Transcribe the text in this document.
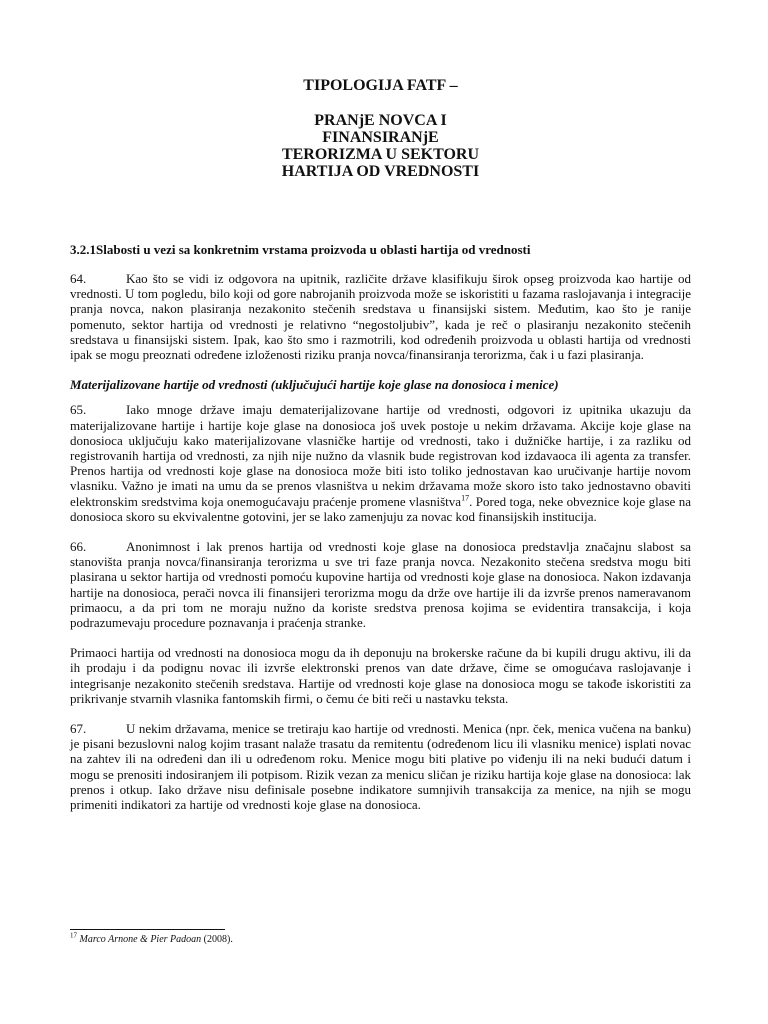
TIPOLOGIJA FATF –

PRANjE NOVCA I

FINANSIRANjE

TERORIZMA U SEKTORU

HARTIJA OD VREDNOSTI

3.2.1Slabosti u vezi sa konkretnim vrstama proizvoda u oblasti hartija od vrednosti

64.	Kao što se vidi iz odgovora na upitnik, različite države klasifikuju širok opseg proizvoda kao hartije od vrednosti. U tom pogledu, bilo koji od gore nabrojanih proizvoda može se iskoristiti u fazama raslojavanja i integracije pranja novca, nakon plasiranja nezakonito stečenih sredstava u finansijski sistem. Međutim, kao što je ranije pomenuto, sektor hartija od vrednosti je relativno “negostoljubiv”, kada je reč o plasiranju nezakonito stečenih sredstava u finansijski sistem. Ipak, kao što smo i razmotrili, kod određenih proizvoda u oblasti hartija od vrednosti ipak se mogu preoznati određene izloženosti riziku pranja novca/finansiranja terorizma, čak i u fazi plasiranja.

Materijalizovane hartije od vrednosti (uključujući hartije koje glase na donosioca i menice)

65.	Iako mnoge države imaju dematerijalizovane hartije od vrednosti, odgovori iz upitnika ukazuju da materijalizovane hartije i hartije koje glase na donosioca još uvek postoje u nekim državama. Akcije koje glase na donosioca uključuju kako materijalizovane vlasničke hartije od vrednosti, tako i dužničke hartije, i za razliku od registrovanih hartija od vrednosti, za njih nije nužno da vlasnik bude registrovan kod izdavaoca ili agenta za transfer. Prenos hartija od vrednosti koje glase na donosioca može biti isto toliko jednostavan kao uručivanje hartije novom vlasniku. Važno je imati na umu da se prenos vlasništva u nekim državama može skoro isto tako jednostavno obaviti elektronskim sredstvima koja onemogućavaju praćenje promene vlasništva$^{17}$. Pored toga, neke obveznice koje glase na donosioca skoro su ekvivalentne gotovini, jer se lako zamenjuju za novac kod finansijskih institucija.

66.	Anonimnost i lak prenos hartija od vrednosti koje glase na donosioca predstavlja značajnu slabost sa stanovišta pranja novca/finansiranja terorizma u sve tri faze pranja novca. Nezakonito stečena sredstva mogu biti plasirana u sektor hartija od vrednosti pomoću kupovine hartija od vrednosti koje glase na donosioca. Nakon izdavanja hartije na donosioca, perači novca ili finansijeri terorizma mogu da drže ove hartije ili da izvrše prenos nameravanom primaocu, a da pri tom ne moraju nužno da koriste sredstva prenosa kojima se evidentira transakcija, i koja podrazumevaju procedure poznavanja i praćenja stranke.

Primaoci hartija od vrednosti na donosioca mogu da ih deponuju na brokerske račune da bi kupili drugu aktivu, ili da ih prodaju i da podignu novac ili izvrše elektronski prenos van date države, čime se omogućava raslojavanje i integrisanje nezakonito stečenih sredstava. Hartije od vrednosti koje glase na donosioca mogu se takođe iskoristiti za prikrivanje stvarnih vlasnika fantomskih firmi, o čemu će biti reči u nastavku teksta.

67.	U nekim državama, menice se tretiraju kao hartije od vrednosti. Menica (npr. ček, menica vučena na banku) je pisani bezuslovni nalog kojim trasant nalaže trasatu da remitentu (određenom licu ili vlasniku menice) isplati novac na zahtev ili na određeni dan ili u određenom roku. Menice mogu biti plative po viđenju ili na neki budući datum i mogu se prenositi indosiranjem ili potpisom. Rizik vezan za menicu sličan je riziku hartija koje glase na donosioca: lak prenos i otkup. Iako države nisu definisale posebne indikatore sumnjivih transakcija za menice, na njih se mogu primeniti indikatori za hartije od vrednosti koje glase na donosioca.

$^{17}$ Marco Arnone & Pier Padoan (2008).
